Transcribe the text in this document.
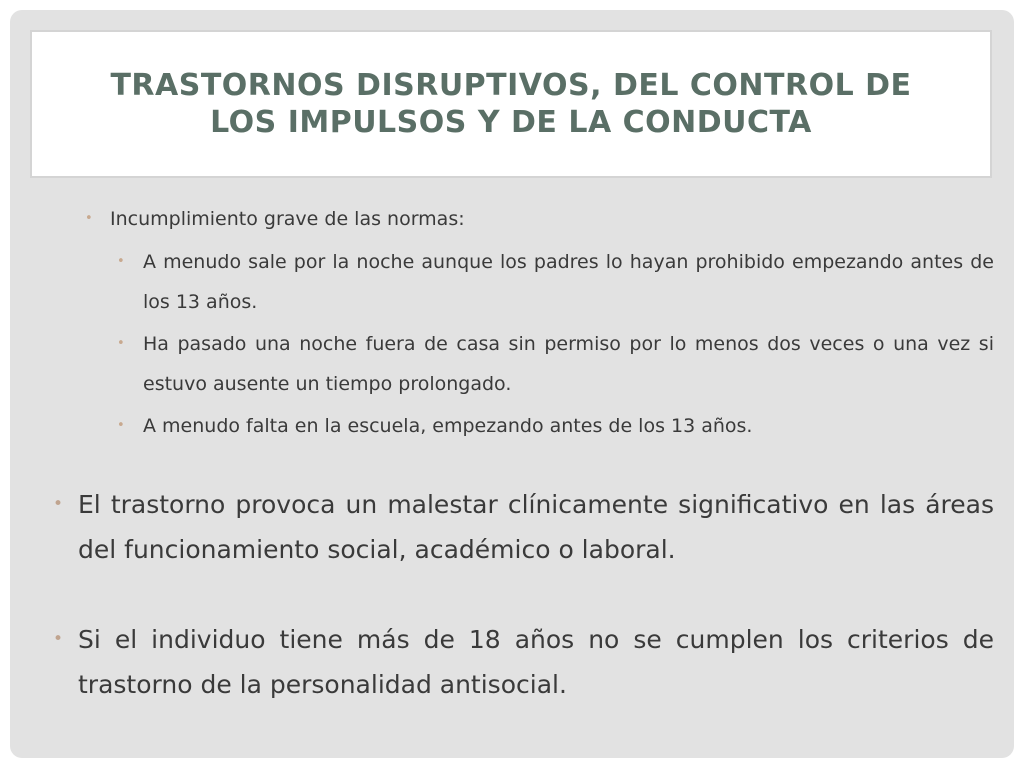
TRASTORNOS DISRUPTIVOS, DEL CONTROL DE
LOS IMPULSOS Y DE LA CONDUCTA
• Incumplimiento grave de las normas:
• A menudo sale por la noche aunque los padres lo hayan prohibido empezando antes de los 13 años.
• Ha pasado una noche fuera de casa sin permiso por lo menos dos veces o una vez si estuvo ausente un tiempo prolongado.
• A menudo falta en la escuela, empezando antes de los 13 años.
• El trastorno provoca un malestar clínicamente significativo en las áreas del funcionamiento social, académico o laboral.
• Si el individuo tiene más de 18 años no se cumplen los criterios de trastorno de la personalidad antisocial.
